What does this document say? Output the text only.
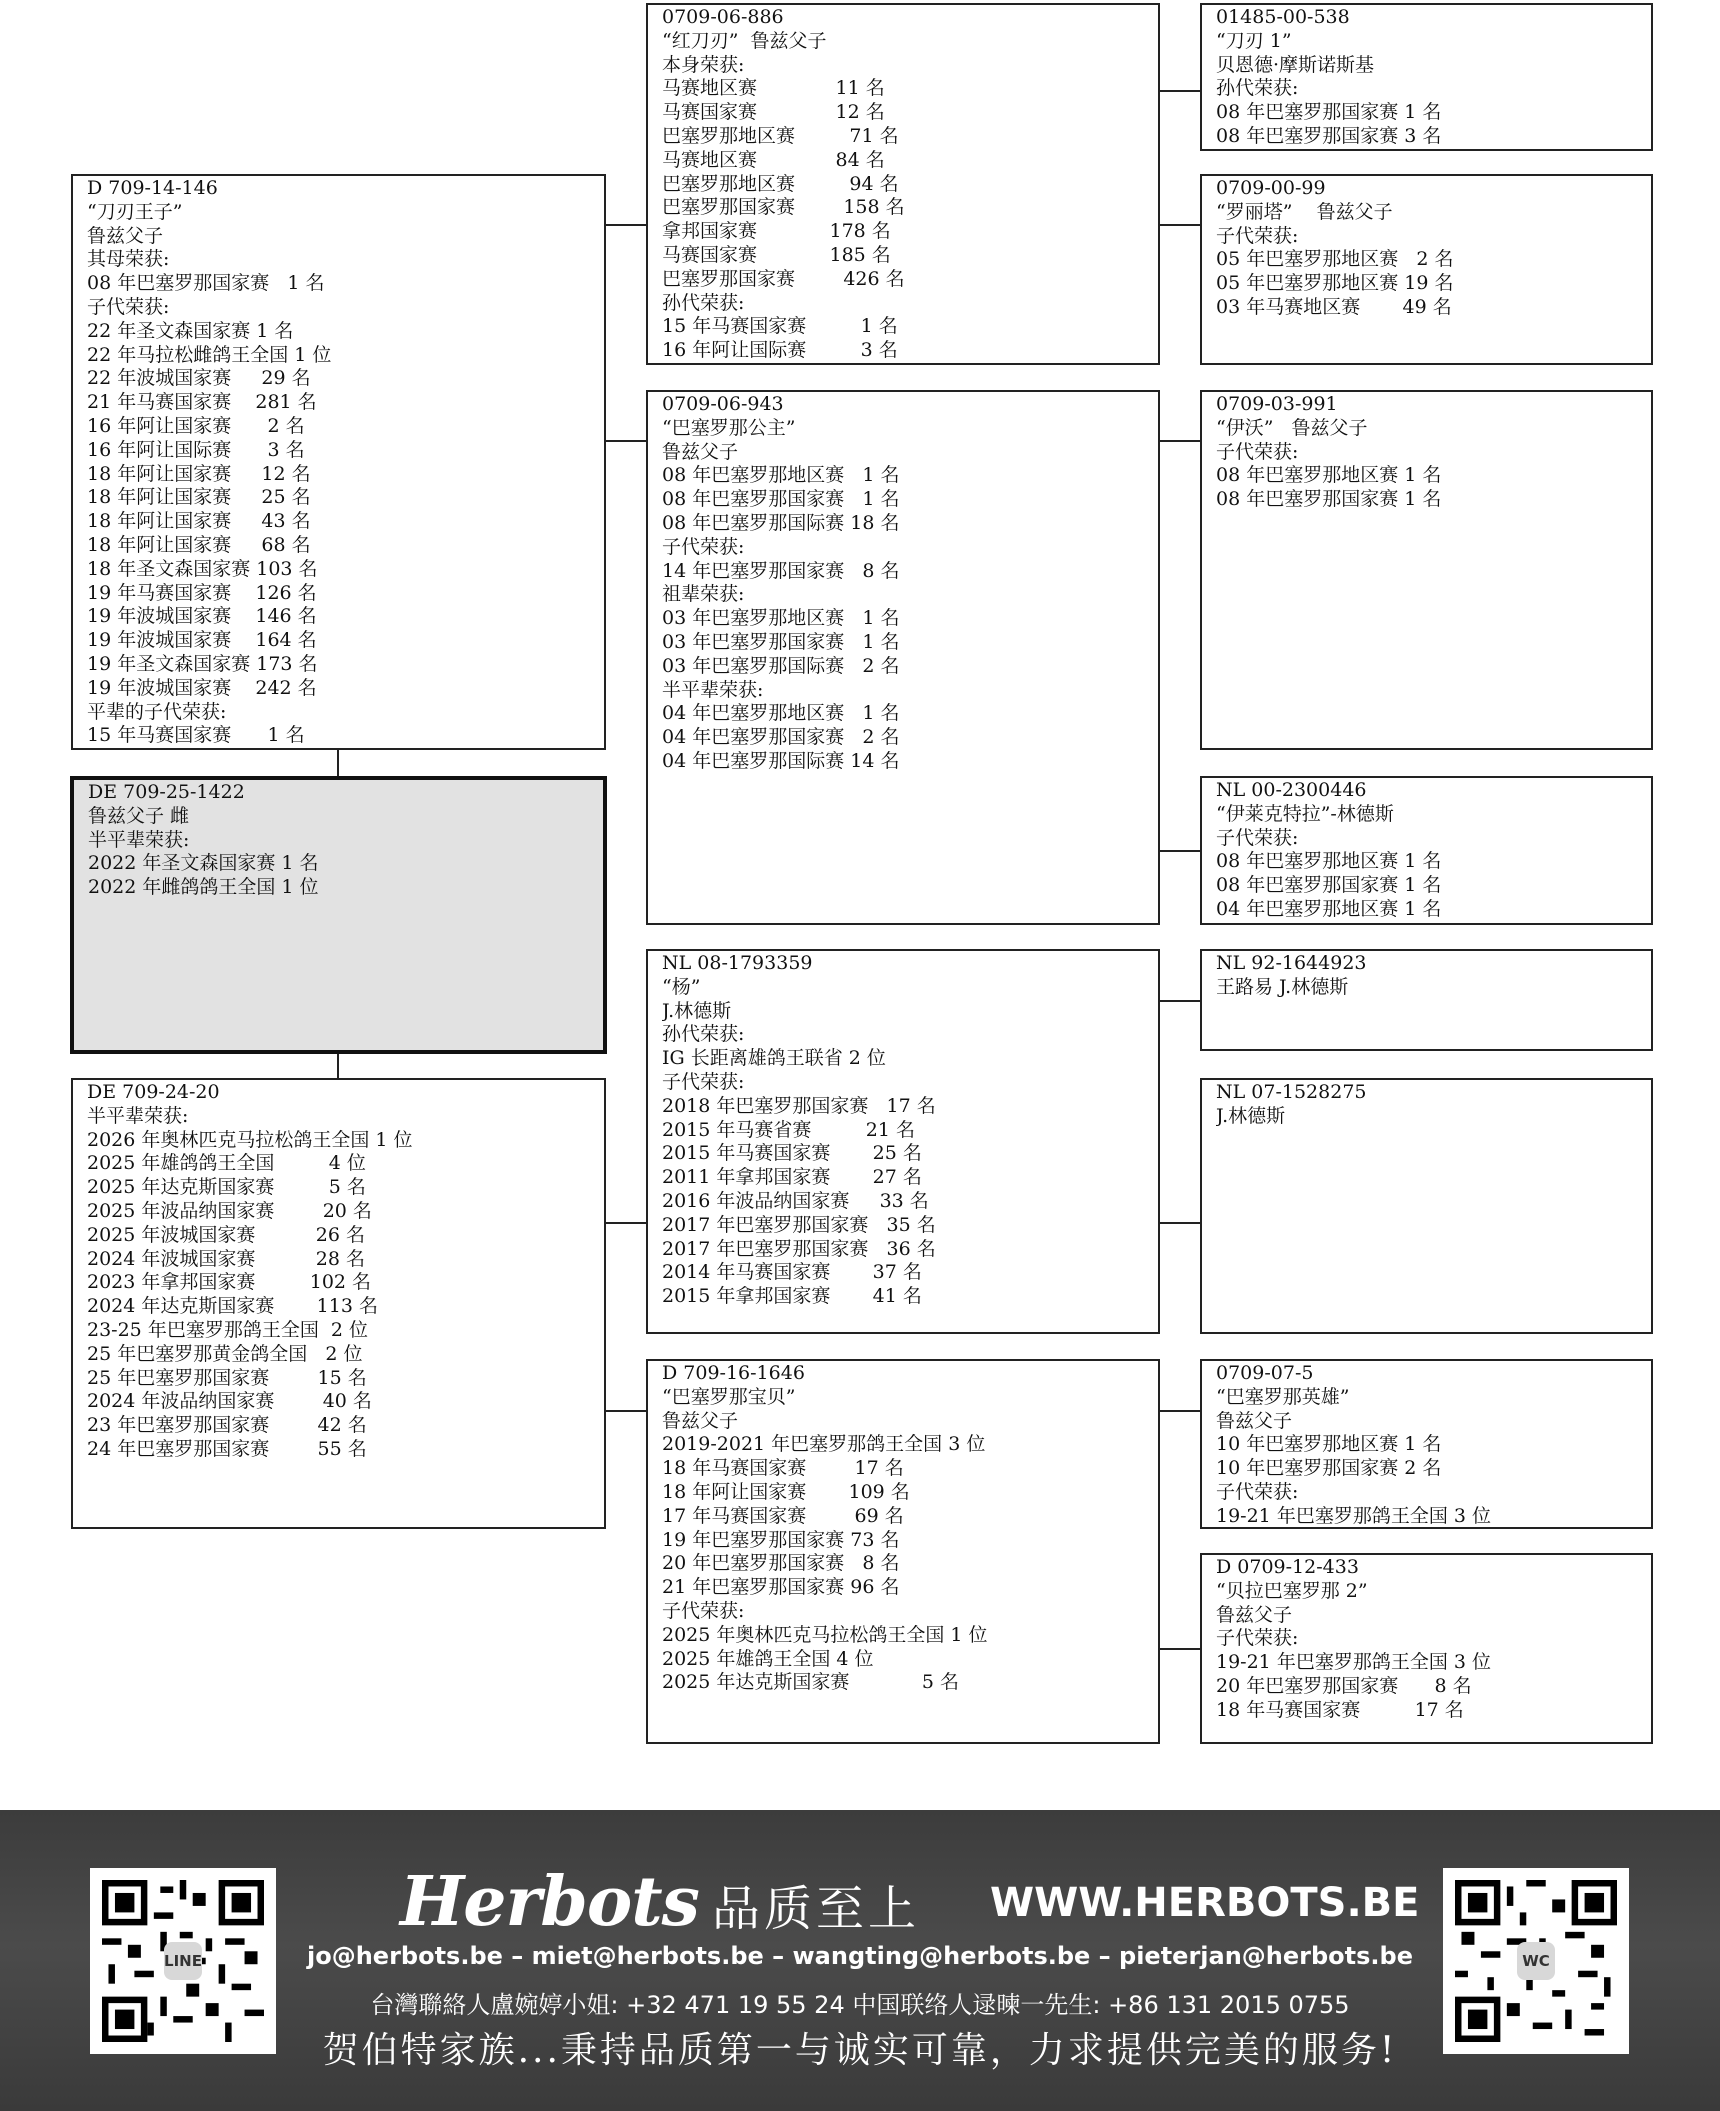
D 709-14-146
“刀刃王子”
鲁兹父子
其母荣获:
08 年巴塞罗那国家赛   1 名
子代荣获:
22 年圣文森国家赛 1 名
22 年马拉松雌鸽王全国 1 位
22 年波城国家赛     29 名
21 年马赛国家赛    281 名
16 年阿让国家赛      2 名
16 年阿让国际赛      3 名
18 年阿让国家赛     12 名
18 年阿让国家赛     25 名
18 年阿让国家赛     43 名
18 年阿让国家赛     68 名
18 年圣文森国家赛 103 名
19 年马赛国家赛    126 名
19 年波城国家赛    146 名
19 年波城国家赛    164 名
19 年圣文森国家赛 173 名
19 年波城国家赛    242 名
平辈的子代荣获:
15 年马赛国家赛      1 名
DE 709-25-1422
鲁兹父子 雌
半平辈荣获:
2022 年圣文森国家赛 1 名
2022 年雌鸽鸽王全国 1 位
DE 709-24-20
半平辈荣获:
2026 年奥林匹克马拉松鸽王全国 1 位
2025 年雄鸽鸽王全国         4 位
2025 年达克斯国家赛         5 名
2025 年波品纳国家赛        20 名
2025 年波城国家赛          26 名
2024 年波城国家赛          28 名
2023 年拿邦国家赛         102 名
2024 年达克斯国家赛       113 名
23-25 年巴塞罗那鸽王全国  2 位
25 年巴塞罗那黄金鸽全国   2 位
25 年巴塞罗那国家赛        15 名
2024 年波品纳国家赛        40 名
23 年巴塞罗那国家赛        42 名
24 年巴塞罗那国家赛        55 名
0709-06-886
“红刀刃”  鲁兹父子
本身荣获:
马赛地区赛             11 名
马赛国家赛             12 名
巴塞罗那地区赛         71 名
马赛地区赛             84 名
巴塞罗那地区赛         94 名
巴塞罗那国家赛        158 名
拿邦国家赛            178 名
马赛国家赛            185 名
巴塞罗那国家赛        426 名
孙代荣获:
15 年马赛国家赛         1 名
16 年阿让国际赛         3 名
0709-06-943
“巴塞罗那公主”
鲁兹父子
08 年巴塞罗那地区赛   1 名
08 年巴塞罗那国家赛   1 名
08 年巴塞罗那国际赛 18 名
子代荣获:
14 年巴塞罗那国家赛   8 名
祖辈荣获:
03 年巴塞罗那地区赛   1 名
03 年巴塞罗那国家赛   1 名
03 年巴塞罗那国际赛   2 名
半平辈荣获:
04 年巴塞罗那地区赛   1 名
04 年巴塞罗那国家赛   2 名
04 年巴塞罗那国际赛 14 名
NL 08-1793359
“杨”
J.林德斯
孙代荣获:
IG 长距离雄鸽王联省 2 位
子代荣获:
2018 年巴塞罗那国家赛   17 名
2015 年马赛省赛         21 名
2015 年马赛国家赛       25 名
2011 年拿邦国家赛       27 名
2016 年波品纳国家赛     33 名
2017 年巴塞罗那国家赛   35 名
2017 年巴塞罗那国家赛   36 名
2014 年马赛国家赛       37 名
2015 年拿邦国家赛       41 名
D 709-16-1646
“巴塞罗那宝贝”
鲁兹父子
2019-2021 年巴塞罗那鸽王全国 3 位
18 年马赛国家赛        17 名
18 年阿让国家赛       109 名
17 年马赛国家赛        69 名
19 年巴塞罗那国家赛 73 名
20 年巴塞罗那国家赛   8 名
21 年巴塞罗那国家赛 96 名
子代荣获:
2025 年奥林匹克马拉松鸽王全国 1 位
2025 年雄鸽王全国 4 位
2025 年达克斯国家赛            5 名
01485-00-538
“刀刃 1”
贝恩德·摩斯诺斯基
孙代荣获:
08 年巴塞罗那国家赛 1 名
08 年巴塞罗那国家赛 3 名
0709-00-99
“罗丽塔”    鲁兹父子
子代荣获:
05 年巴塞罗那地区赛   2 名
05 年巴塞罗那地区赛 19 名
03 年马赛地区赛       49 名
0709-03-991
“伊沃”   鲁兹父子
子代荣获:
08 年巴塞罗那地区赛 1 名
08 年巴塞罗那国家赛 1 名
NL 00-2300446
“伊莱克特拉”-林德斯
子代荣获:
08 年巴塞罗那地区赛 1 名
08 年巴塞罗那国家赛 1 名
04 年巴塞罗那地区赛 1 名
NL 92-1644923
王路易 J.林德斯
NL 07-1528275
J.林德斯
0709-07-5
“巴塞罗那英雄”
鲁兹父子
10 年巴塞罗那地区赛 1 名
10 年巴塞罗那国家赛 2 名
子代荣获:
19-21 年巴塞罗那鸽王全国 3 位
D 0709-12-433
“贝拉巴塞罗那 2”
鲁兹父子
子代荣获:
19-21 年巴塞罗那鸽王全国 3 位
20 年巴塞罗那国家赛      8 名
18 年马赛国家赛         17 名
LINE
Herbots 品质至上 WWW.HERBOTS.BE
jo@herbots.be – miet@herbots.be – wangting@herbots.be – pieterjan@herbots.be
台灣聯絡人盧婉婷小姐: +32 471 19 55 24 中国联络人逯暕一先生: +86 131 2015 0755
贺伯特家族...秉持品质第一与诚实可靠，力求提供完美的服务!
WC
